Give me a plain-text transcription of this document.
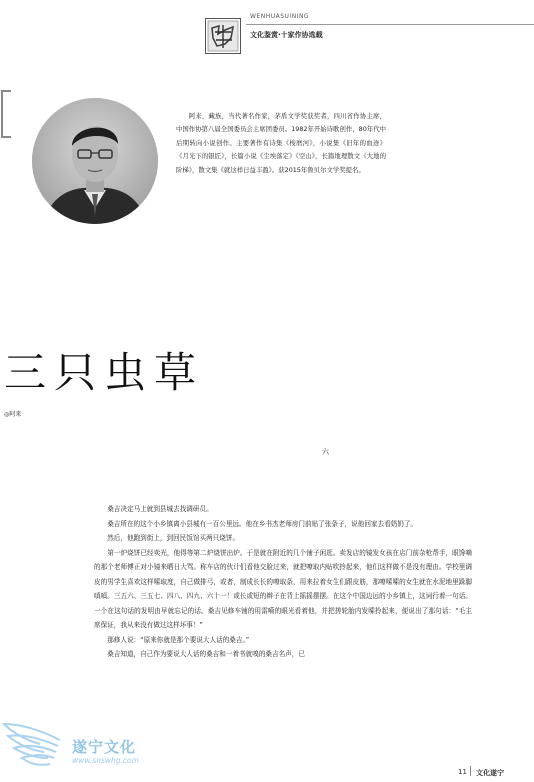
WENHUASUINING
文化鉴赏·十家作协选载
阿来，藏族，当代著名作家，茅盾文学奖获奖者，四川省作协主席，中国作协第八届全国委员会主席团委员。1982年开始诗歌创作，80年代中后期转向小说创作。主要著作有诗集《梭磨河》，小说集《旧年的血迹》《月光下的银匠》，长篇小说《尘埃落定》《空山》，长篇地理散文《大地的阶梯》，散文集《就这样日益丰盈》。获2015年鲁贝尔文学奖提名。
三只虫草
◎阿来
六

桑吉决定马上就到县城去找调研员。

桑吉所在的这个小乡镇离小县城有一百公里远。他在乡书杰老师房门前贴了张条子，说他回家去看奶奶了。

然后，他跑到街上，到回民饭馆买两只烧饼。

第一炉烧饼已经卖光，他得等第二炉烧饼出炉。于是就在附近的几个铺子闲逛。卖发店的镜发女孩在店门前杂枪帮手，眼馋嘀的那个老师傅正对小镜来晒日大骂。称车店的伙计们看他交脸过来，就把嘹取内贴吹拎起来，他们这样做不是没有理由。学校里调皮的男学生喜欢这样嗦取度，自己做排弓，或者，制成长长的嘹取条，用来拉着女生们跟皮筋，那嘹嗦嗦的女生就在水泥地里跺脚嗔嗔。三五六、三五七、四八、四九、六十一！或长或短的辫子在背上摇摇摆摆。在这个中国边远的小乡镇上，这词行着一句话。一个在这句话的发明由早就忘记的话。桑吉见修车铺的用雷嗬的眼光看着他，并把搓轮胎内发嗦拎起来，便说出了那句话：“毛主席保证，我从来没有做过这样坏事！”

那修人说：“原来你就是那个要说大人话的桑吉。”

桑吉知道，自己作为要说大人话的桑吉和一着书就嗅的桑吉名声，已

遂宁文化
www.snswhg.com
11 文化遂宁
